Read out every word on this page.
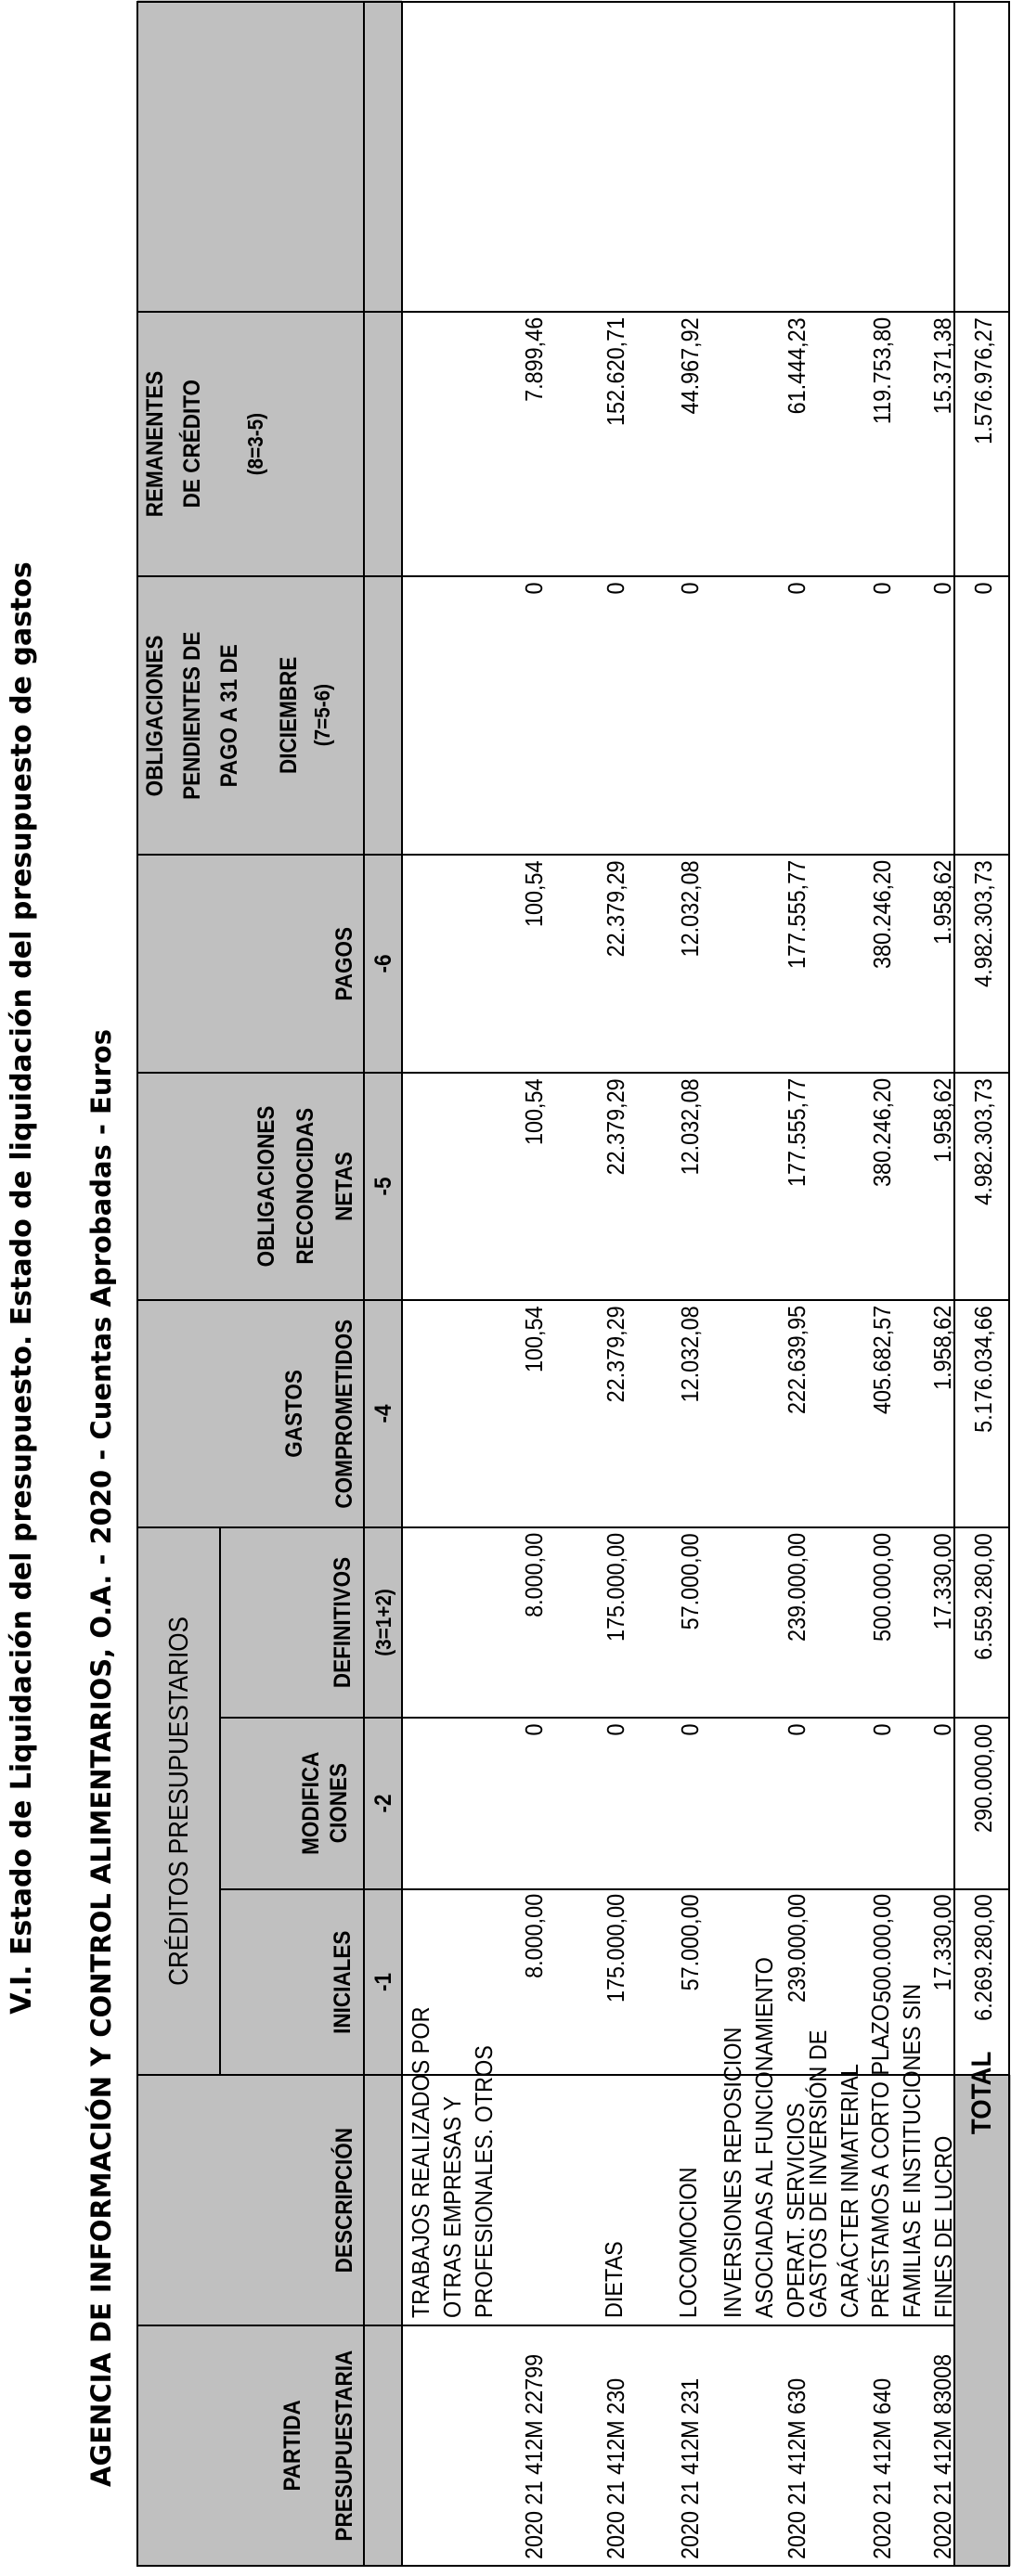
V.I. Estado de Liquidación del presupuesto. Estado de liquidación del presupuesto de gastos AGENCIA DE INFORMACIÓN Y CONTROL ALIMENTARIOS, O.A. - 2020 - Cuentas Aprobadas - Euros	PARTIDA PRESUPUESTARIA
DESCRIPCIÓN
CRÉDITOS PRESUPUESTARIOS	INICIALES
MODIFICA CIONES
DEFINITIVOS
GASTOS COMPROMETIDOS
OBLIGACIONES RECONOCIDAS NETAS
PAGOS
OBLIGACIONES PENDIENTES DE PAGO A 31 DE DICIEMBRE (7=5-6)
REMANENTES DE CRÉDITO (8=3-5)
-1
-2
(3=1+2)
-4
-5
-6
2020 21 412M 22799
TRABAJOS REALIZADOS POR OTRAS EMPRESAS Y PROFESIONALES. OTROS
8.000,00
0
8.000,00
100,54
100,54
100,54
0
7.899,46
2020 21 412M 230
DIETAS
175.000,00
0
175.000,00
22.379,29
22.379,29
22.379,29
0
152.620,71
2020 21 412M 231
LOCOMOCION
57.000,00
0
57.000,00
12.032,08
12.032,08
12.032,08
0
44.967,92
2020 21 412M 630
INVERSIONES REPOSICION ASOCIADAS AL FUNCIONAMIENTO OPERAT. SERVICIOS
239.000,00
0
239.000,00
222.639,95
177.555,77
177.555,77
0
61.444,23
2020 21 412M 640
GASTOS DE INVERSIÓN DE CARÁCTER INMATERIAL
500.000,00
0
500.000,00
405.682,57
380.246,20
380.246,20
0
119.753,80
2020 21 412M 83008
PRÉSTAMOS A CORTO PLAZO. FAMILIAS E INSTITUCIONES SIN FINES DE LUCRO
17.330,00
0
17.330,00
1.958,62
1.958,62
1.958,62
0
15.371,38
TOTAL
6.269.280,00
290.000,00
6.559.280,00
5.176.034,66
4.982.303,73
4.982.303,73
0
1.576.976,27
